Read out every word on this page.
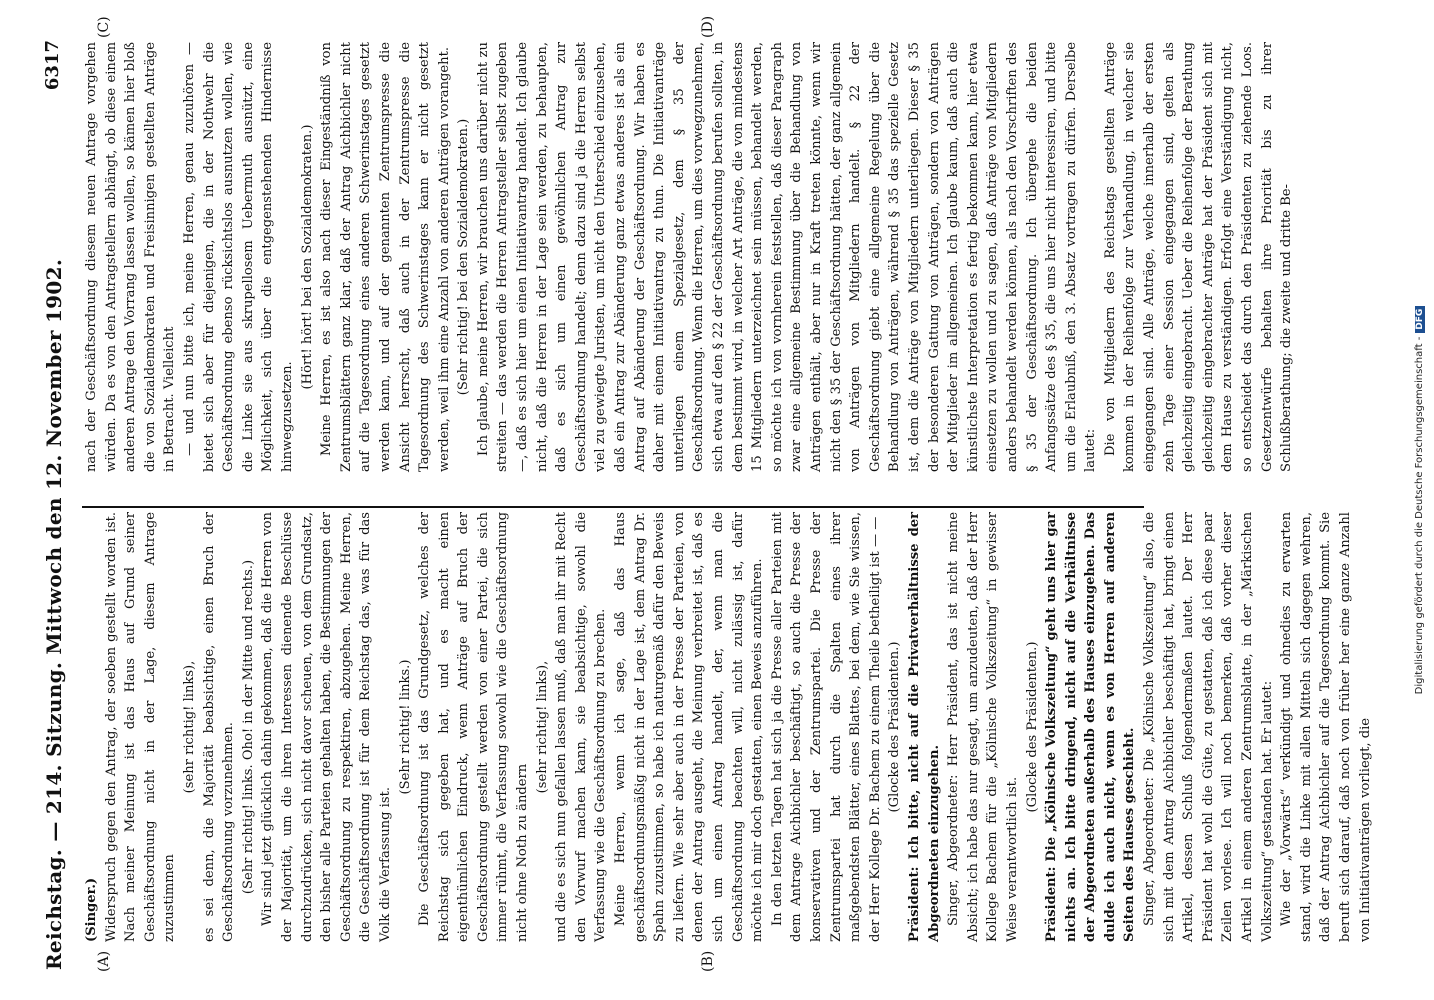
Reichstag. — 214. Sitzung. Mittwoch den 12. November 1902.
6317
(A)	(B)
(C)	(D)

(Singer.) Widerspruch gegen den Antrag, der soeben gestellt worden ist. Nach meiner Meinung ist das Haus auf Grund seiner Geschäftsordnung nicht in der Lage, diesem Antrage zuzustimmen

(sehr richtig! links), es sei denn, die Majorität beabsichtige, einen Bruch der Geschäftsordnung vorzunehmen. (Sehr richtig! links. Oho! in der Mitte und rechts.) Wir sind jetzt glücklich dahin gekommen, daß die Herren von der Majorität, um die ihren Interessen dienende Beschlüsse durchzudrücken, sich nicht davor scheuen, von dem Grundsatz, den bisher alle Parteien gehalten haben, die Bestimmungen der Geschäftsordnung zu respektiren, abzugehen. Meine Herren, die Geschäftsordnung ist für dem Reichstag das, was für das Volk die Verfassung ist.

(Sehr richtig! links.) Die Geschäftsordnung ist das Grundgesetz, welches der Reichstag sich gegeben hat, und es macht einen eigenthümlichen Eindruck, wenn Anträge auf Bruch der Geschäftsordnung gestellt werden von einer Partei, die sich immer rühmt, die Verfassung sowohl wie die Geschäftsordnung nicht ohne Noth zu ändern

(sehr richtig! links), und die es sich nun gefallen lassen muß, daß man ihr mit Recht den Vorwurf machen kann, sie beabsichtige, sowohl die Verfassung wie die Geschäftsordnung zu brechen. Meine Herren, wenn ich sage, daß das Haus geschäftsordnungsmäßig nicht in der Lage ist, dem Antrag Dr. Spahn zuzustimmen, so habe ich naturgemäß dafür den Beweis zu liefern. Wie sehr aber auch in der Presse der Parteien, von denen der Antrag ausgeht, die Meinung verbreitet ist, daß es sich um einen Antrag handelt, der, wenn man die Geschäftsordnung beachten will, nicht zulässig ist, dafür möchte ich mir doch gestatten, einen Beweis anzuführen. In den letzten Tagen hat sich ja die Presse aller Parteien mit dem Antrage Aichbichler beschäftigt, so auch die Presse der konservativen und der Zentrumspartei. Die Presse der Zentrumspartei hat durch die Spalten eines ihrer maßgebendsten Blätter, eines Blattes, bei dem, wie Sie wissen, der Herr Kollege Dr. Bachem zu einem Theile betheiligt ist — — (Glocke des Präsidenten.) Präsident: Ich bitte, nicht auf die Privatverhältnisse der Abgeordneten einzugehen. Singer, Abgeordneter: Herr Präsident, das ist nicht meine Absicht; ich habe das nur gesagt, um anzudeuten, daß der Herr Kollege Bachem für die „Kölnische Volkszeitung“ in gewisser Weise verantwortlich ist.

(Glocke des Präsidenten.) Präsident: Die „Kölnische Volkszeitung“ geht uns hier gar nichts an. Ich bitte dringend, nicht auf die Verhältnisse der Abgeordneten außerhalb des Hauses einzugehen. Das dulde ich auch nicht, wenn es von Herren auf anderen Seiten des Hauses geschieht. Singer, Abgeordneter: Die „Kölnische Volkszeitung“ also, die sich mit dem Antrag Aichbichler beschäftigt hat, bringt einen Artikel, dessen Schluß folgendermaßen lautet. Der Herr Präsident hat wohl die Güte, zu gestatten, daß ich diese paar Zeilen vorlese. Ich will noch bemerken, daß vorher dieser Artikel in einem anderen Zentrumsblatte, in der „Märkischen Volkszeitung“ gestanden hat. Er lautet: Wie der „Vorwärts“ verkündigt und ohnedies zu erwarten stand, wird die Linke mit allen Mitteln sich dagegen wehren, daß der Antrag Aichbichler auf die Tagesordnung kommt. Sie beruft sich darauf, daß noch von früher her eine ganze Anzahl von Initiativanträgen vorliegt, die

nach der Geschäftsordnung diesem neuen Antrage vorgehen würden. Da es von den Antragstellern abhängt, ob diese einem anderen Antrage den Vorrang lassen wollen, so kämen hier bloß die von Sozialdemokraten und Freisinnigen gestellten Anträge in Betracht. Vielleicht — und nun bitte ich, meine Herren, genau zuzuhören — bietet sich aber für diejenigen, die in der Nothwehr die Geschäftsordnung ebenso rücksichtslos ausnutzen wollen, wie die Linke sie aus skrupellosem Uebermuth ausnützt, eine Möglichkeit, sich über die entgegenstehenden Hindernisse hinwegzusetzen.

(Hört! hört! bei den Sozialdemokraten.) Meine Herren, es ist also nach dieser Eingeständniß von Zentrumsblättern ganz klar, daß der Antrag Aichbichler nicht auf die Tagesordnung eines anderen Schwerinstages gesetzt werden kann, und auf der genannten Zentrumspresse die Ansicht herrscht, daß auch in der Zentrumspresse die Tagesordnung des Schwerinstages kann er nicht gesetzt werden, weil ihm eine Anzahl von anderen Anträgen vorangeht. (Sehr richtig! bei den Sozialdemokraten.) Ich glaube, meine Herren, wir brauchen uns darüber nicht zu streiten — das werden die Herren Antragsteller selbst zugeben —, daß es sich hier um einen Initiativantrag handelt. Ich glaube nicht, daß die Herren in der Lage sein werden, zu behaupten, daß es sich um einen gewöhnlichen Antrag zur Geschäftsordnung handelt; denn dazu sind ja die Herren selbst viel zu gewiegte Juristen, um nicht den Unterschied einzusehen, daß ein Antrag zur Abänderung ganz etwas anderes ist als ein Antrag auf Abänderung der Geschäftsordnung. Wir haben es daher mit einem Initiativantrag zu thun. Die Initiativanträge unterliegen einem Spezialgesetz, dem § 35 der Geschäftsordnung. Wenn die Herren, um dies vorwegzunehmen, sich etwa auf den § 22 der Geschäftsordnung berufen sollten, in dem bestimmt wird, in welcher Art Anträge, die von mindestens 15 Mitgliedern unterzeichnet sein müssen, behandelt werden, so möchte ich von vornherein feststellen, daß dieser Paragraph zwar eine allgemeine Bestimmung über die Behandlung von Anträgen enthält, aber nur in Kraft treten könnte, wenn wir nicht den § 35 der Geschäftsordnung hätten, der ganz allgemein von Anträgen von Mitgliedern handelt. § 22 der Geschäftsordnung giebt eine allgemeine Regelung über die Behandlung von Anträgen, während § 35 das spezielle Gesetz ist, dem die Anträge von Mitgliedern unterliegen. Dieser § 35 der besonderen Gattung von Anträgen, sondern von Anträgen der Mitglieder im allgemeinen. Ich glaube kaum, daß auch die künstlichste Interpretation es fertig bekommen kann, hier etwa einsetzen zu wollen und zu sagen, daß Anträge von Mitgliedern anders behandelt werden können, als nach den Vorschriften des § 35 der Geschäftsordnung. Ich übergehe die beiden Anfangssätze des § 35, die uns hier nicht interessiren, und bitte um die Erlaubniß, den 3. Absatz vortragen zu dürfen. Derselbe lautet: Die von Mitgliedern des Reichstags gestellten Anträge kommen in der Reihenfolge zur Verhandlung, in welcher sie eingegangen sind. Alle Anträge, welche innerhalb der ersten zehn Tage einer Session eingegangen sind, gelten als gleichzeitig eingebracht. Ueber die Reihenfolge der Berathung gleichzeitig eingebrachter Anträge hat der Präsident sich mit dem Hause zu verständigen. Erfolgt eine Verständigung nicht, so entscheidet das durch den Präsidenten zu ziehende Loos. Gesetzentwürfe behalten ihre Priorität bis zu ihrer Schlußberathung; die zweite und dritte Be-

Digitalisierung gefördert durch die Deutsche Forschungsgemeinschaft -DFG
